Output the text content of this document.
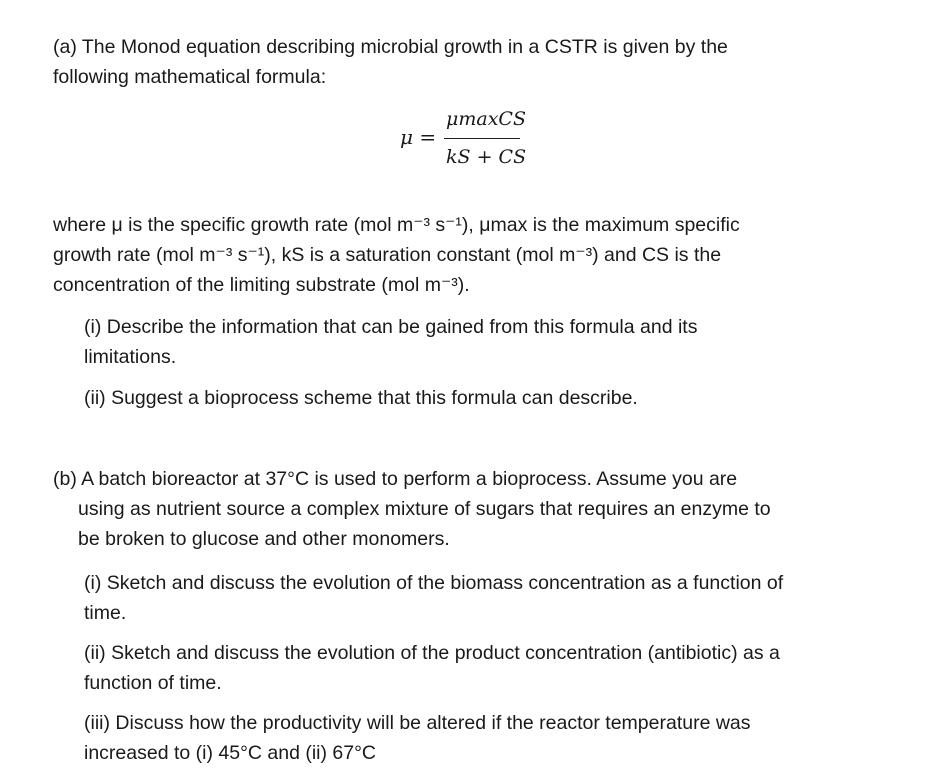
(a) The Monod equation describing microbial growth in a CSTR is given by the
following mathematical formula:
μ =
μmaxCS
kS + CS
where μ is the specific growth rate (mol m⁻³ s⁻¹), μmax is the maximum specific
growth rate (mol m⁻³ s⁻¹), kS is a saturation constant (mol m⁻³) and CS is the
concentration of the limiting substrate (mol m⁻³).
(i) Describe the information that can be gained from this formula and its
limitations.
(ii) Suggest a bioprocess scheme that this formula can describe.
(b) A batch bioreactor at 37°C is used to perform a bioprocess. Assume you are
using as nutrient source a complex mixture of sugars that requires an enzyme to
be broken to glucose and other monomers.
(i) Sketch and discuss the evolution of the biomass concentration as a function of
time.
(ii) Sketch and discuss the evolution of the product concentration (antibiotic) as a
function of time.
(iii) Discuss how the productivity will be altered if the reactor temperature was
increased to (i) 45°C and (ii) 67°C
